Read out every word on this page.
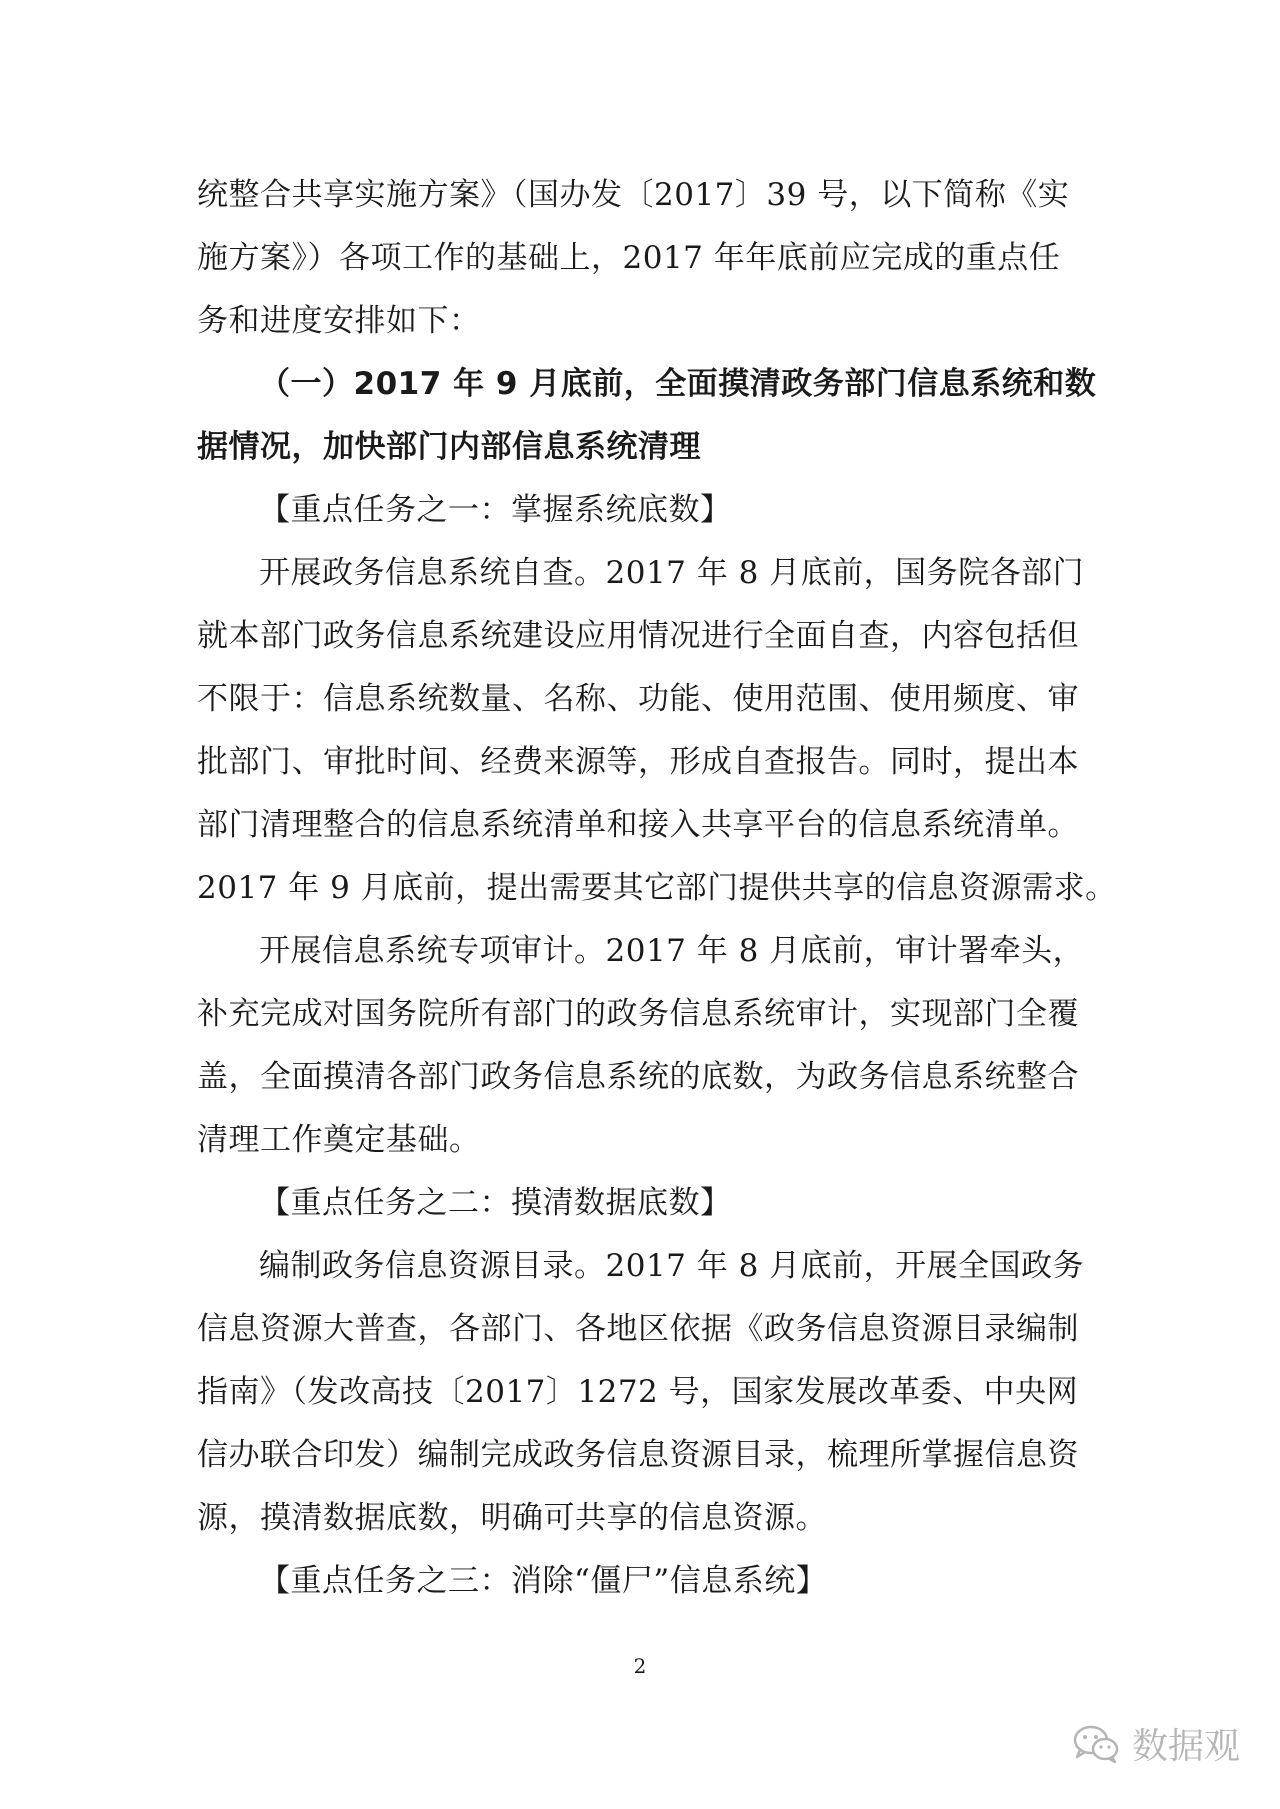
统整合共享实施方案》（国办发〔2017〕39 号，以下简称《实
施方案》）各项工作的基础上，2017 年年底前应完成的重点任
务和进度安排如下：
（一）2017 年 9 月底前，全面摸清政务部门信息系统和数
据情况，加快部门内部信息系统清理
【重点任务之一：掌握系统底数】
开展政务信息系统自查。2017 年 8 月底前，国务院各部门
就本部门政务信息系统建设应用情况进行全面自查，内容包括但
不限于：信息系统数量、名称、功能、使用范围、使用频度、审
批部门、审批时间、经费来源等，形成自查报告。同时，提出本
部门清理整合的信息系统清单和接入共享平台的信息系统清单。
2017 年 9 月底前，提出需要其它部门提供共享的信息资源需求。
开展信息系统专项审计。2017 年 8 月底前，审计署牵头，
补充完成对国务院所有部门的政务信息系统审计，实现部门全覆
盖，全面摸清各部门政务信息系统的底数，为政务信息系统整合
清理工作奠定基础。
【重点任务之二：摸清数据底数】
编制政务信息资源目录。2017 年 8 月底前，开展全国政务
信息资源大普查，各部门、各地区依据《政务信息资源目录编制
指南》（发改高技〔2017〕1272 号，国家发展改革委、中央网
信办联合印发）编制完成政务信息资源目录，梳理所掌握信息资
源，摸清数据底数，明确可共享的信息资源。
【重点任务之三：消除“僵尸”信息系统】
2
数据观
